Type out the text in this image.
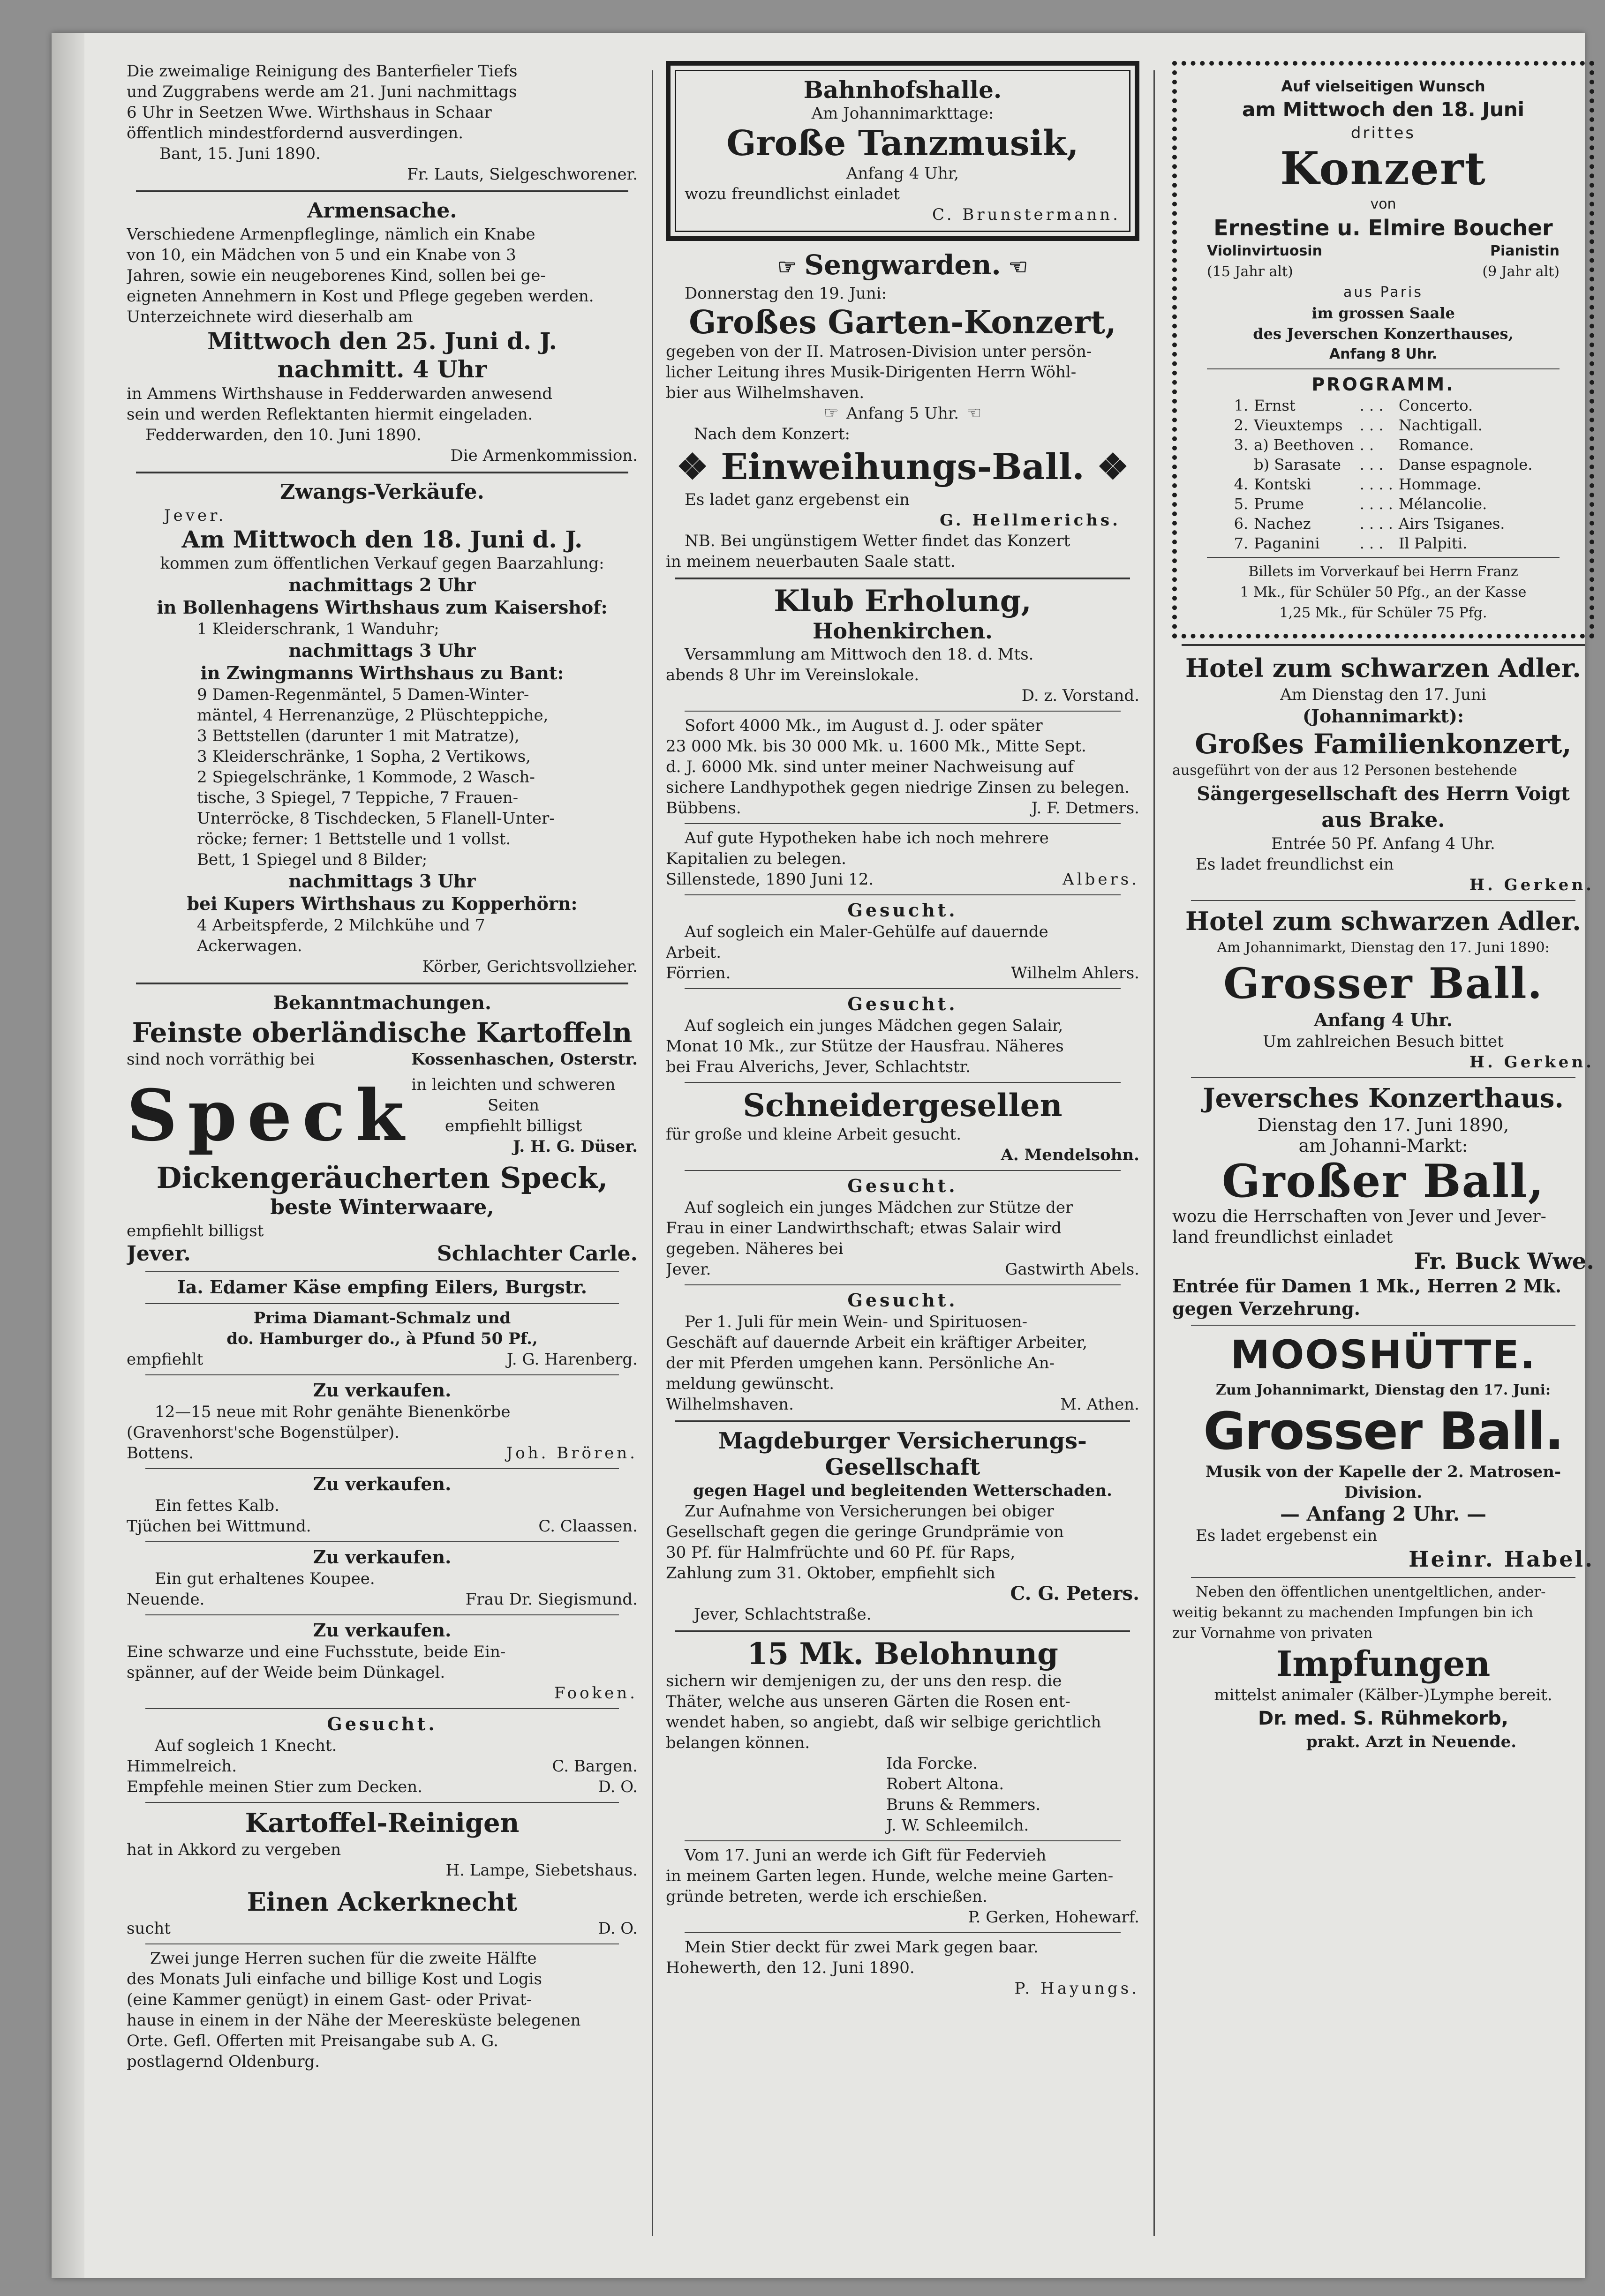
Die zweimalige Reinigung des Banterfieler Tiefs
und Zuggrabens werde am 21. Juni nachmittags
6 Uhr in Seetzen Wwe. Wirthshaus in Schaar
öffentlich mindestfordernd ausverdingen.
Bant, 15. Juni 1890.
Fr. Lauts, Sielgeschworener.
Armensache.
Verschiedene Armenpfleglinge, nämlich ein Knabe
von 10, ein Mädchen von 5 und ein Knabe von 3
Jahren, sowie ein neugeborenes Kind, sollen bei ge-
eigneten Annehmern in Kost und Pflege gegeben werden.
Unterzeichnete wird dieserhalb am
Mittwoch den 25. Juni d. J.
nachmitt. 4 Uhr
in Ammens Wirthshause in Fedderwarden anwesend
sein und werden Reflektanten hiermit eingeladen.
Fedderwarden, den 10. Juni 1890.
Die Armenkommission.
Zwangs-Verkäufe.
Jever.
Am Mittwoch den 18. Juni d. J.
kommen zum öffentlichen Verkauf gegen Baarzahlung:
nachmittags 2 Uhr
in Bollenhagens Wirthshaus zum Kaisershof:
1 Kleiderschrank, 1 Wanduhr;
nachmittags 3 Uhr
in Zwingmanns Wirthshaus zu Bant:
9 Damen-Regenmäntel, 5 Damen-Winter-
mäntel, 4 Herrenanzüge, 2 Plüschteppiche,
3 Bettstellen (darunter 1 mit Matratze),
3 Kleiderschränke, 1 Sopha, 2 Vertikows,
2 Spiegelschränke, 1 Kommode, 2 Wasch-
tische, 3 Spiegel, 7 Teppiche, 7 Frauen-
Unterröcke, 8 Tischdecken, 5 Flanell-Unter-
röcke; ferner: 1 Bettstelle und 1 vollst.
Bett, 1 Spiegel und 8 Bilder;
nachmittags 3 Uhr
bei Kupers Wirthshaus zu Kopperhörn:
4 Arbeitspferde, 2 Milchkühe und 7
Ackerwagen.
Körber, Gerichtsvollzieher.
Bekanntmachungen.
Feinste oberländische Kartoffeln
sind noch vorräthig bei	Kossenhaschen, Osterstr.
Speck
in leichten und schweren
Seiten
empfiehlt billigst
J. H. G. Düser.
Dickengeräucherten Speck,
beste Winterwaare,
empfiehlt billigst
Jever.	Schlachter Carle.
Ia. Edamer Käse empfing Eilers, Burgstr.
Prima Diamant-Schmalz und
do. Hamburger do., à Pfund 50 Pf.,
empfiehlt	J. G. Harenberg.
Zu verkaufen.
12—15 neue mit Rohr genähte Bienenkörbe
(Gravenhorst'sche Bogenstülper).
Bottens.	Joh. Brören.
Zu verkaufen.
Ein fettes Kalb.
Tjüchen bei Wittmund.	C. Claassen.
Zu verkaufen.
Ein gut erhaltenes Koupee.
Neuende.	Frau Dr. Siegismund.
Zu verkaufen.
Eine schwarze und eine Fuchsstute, beide Ein-
spänner, auf der Weide beim Dünkagel.
Fooken.
Gesucht.
Auf sogleich 1 Knecht.
Himmelreich.	C. Bargen.
Empfehle meinen Stier zum Decken.	D. O.
Kartoffel-Reinigen
hat in Akkord zu vergeben
H. Lampe, Siebetshaus.
Einen Ackerknecht
sucht	D. O.
Zwei junge Herren suchen für die zweite Hälfte
des Monats Juli einfache und billige Kost und Logis
(eine Kammer genügt) in einem Gast- oder Privat-
hause in einem in der Nähe der Meeresküste belegenen
Orte. Gefl. Offerten mit Preisangabe sub A. G.
postlagernd Oldenburg.
Bahnhofshalle.
Am Johannimarkttage:
Große Tanzmusik,
Anfang 4 Uhr,
wozu freundlichst einladet
C. Brunstermann.
☞ Sengwarden. ☜
Donnerstag den 19. Juni:
Großes Garten-Konzert,
gegeben von der II. Matrosen-Division unter persön-
licher Leitung ihres Musik-Dirigenten Herrn Wöhl-
bier aus Wilhelmshaven.
☞ Anfang 5 Uhr. ☜
Nach dem Konzert:
❖ Einweihungs-Ball. ❖
Es ladet ganz ergebenst ein
G. Hellmerichs.
NB. Bei ungünstigem Wetter findet das Konzert
in meinem neuerbauten Saale statt.
Klub Erholung,
Hohenkirchen.
Versammlung am Mittwoch den 18. d. Mts.
abends 8 Uhr im Vereinslokale.
D. z. Vorstand.
Sofort 4000 Mk., im August d. J. oder später
23 000 Mk. bis 30 000 Mk. u. 1600 Mk., Mitte Sept.
d. J. 6000 Mk. sind unter meiner Nachweisung auf
sichere Landhypothek gegen niedrige Zinsen zu belegen.
Bübbens.	J. F. Detmers.
Auf gute Hypotheken habe ich noch mehrere
Kapitalien zu belegen.
Sillenstede, 1890 Juni 12.	Albers.
Gesucht.
Auf sogleich ein Maler-Gehülfe auf dauernde
Arbeit.
Förrien.	Wilhelm Ahlers.
Gesucht.
Auf sogleich ein junges Mädchen gegen Salair,
Monat 10 Mk., zur Stütze der Hausfrau. Näheres
bei Frau Alverichs, Jever, Schlachtstr.
Schneidergesellen
für große und kleine Arbeit gesucht.
A. Mendelsohn.
Gesucht.
Auf sogleich ein junges Mädchen zur Stütze der
Frau in einer Landwirthschaft; etwas Salair wird
gegeben. Näheres bei
Jever.	Gastwirth Abels.
Gesucht.
Per 1. Juli für mein Wein- und Spirituosen-
Geschäft auf dauernde Arbeit ein kräftiger Arbeiter,
der mit Pferden umgehen kann. Persönliche An-
meldung gewünscht.
Wilhelmshaven.	M. Athen.
Magdeburger Versicherungs-
Gesellschaft
gegen Hagel und begleitenden Wetterschaden.
Zur Aufnahme von Versicherungen bei obiger
Gesellschaft gegen die geringe Grundprämie von
30 Pf. für Halmfrüchte und 60 Pf. für Raps,
Zahlung zum 31. Oktober, empfiehlt sich
C. G. Peters.
Jever, Schlachtstraße.
15 Mk. Belohnung
sichern wir demjenigen zu, der uns den resp. die
Thäter, welche aus unseren Gärten die Rosen ent-
wendet haben, so angiebt, daß wir selbige gerichtlich
belangen können.
Ida Forcke.
Robert Altona.
Bruns & Remmers.
J. W. Schleemilch.
Vom 17. Juni an werde ich Gift für Federvieh
in meinem Garten legen. Hunde, welche meine Garten-
gründe betreten, werde ich erschießen.
P. Gerken, Hohewarf.
Mein Stier deckt für zwei Mark gegen baar.
Hohewerth, den 12. Juni 1890.
P. Hayungs.
Auf vielseitigen Wunsch
am Mittwoch den 18. Juni
drittes
Konzert
von
Ernestine u. Elmire Boucher
Violinvirtuosin	Pianistin
(15 Jahr alt)	(9 Jahr alt)
aus Paris
im grossen Saale
des Jeverschen Konzerthauses,
Anfang 8 Uhr.
PROGRAMM.
1.	Ernst	. . .	Concerto.
2.	Vieuxtemps	. . .	Nachtigall.
3.	a) Beethoven	. .	Romance.
	b) Sarasate	. . .	Danse espagnole.
4.	Kontski	. . . .	Hommage.
5.	Prume	. . . .	Mélancolie.
6.	Nachez	. . . .	Airs Tsiganes.
7.	Paganini	. . .	Il Palpiti.
Billets im Vorverkauf bei Herrn Franz
1 Mk., für Schüler 50 Pfg., an der Kasse
1,25 Mk., für Schüler 75 Pfg.
Hotel zum schwarzen Adler.
Am Dienstag den 17. Juni
(Johannimarkt):
Großes Familienkonzert,
ausgeführt von der aus 12 Personen bestehende
Sängergesellschaft des Herrn Voigt
aus Brake.
Entrée 50 Pf. Anfang 4 Uhr.
Es ladet freundlichst ein
H. Gerken.
Hotel zum schwarzen Adler.
Am Johannimarkt, Dienstag den 17. Juni 1890:
Grosser Ball.
Anfang 4 Uhr.
Um zahlreichen Besuch bittet
H. Gerken.
Jeversches Konzerthaus.
Dienstag den 17. Juni 1890,
am Johanni-Markt:
Großer Ball,
wozu die Herrschaften von Jever und Jever-
land freundlichst einladet
Fr. Buck Wwe.
Entrée für Damen 1 Mk., Herren 2 Mk.
gegen Verzehrung.
MOOSHÜTTE.
Zum Johannimarkt, Dienstag den 17. Juni:
Grosser Ball.
Musik von der Kapelle der 2. Matrosen-
Division.
— Anfang 2 Uhr. —
Es ladet ergebenst ein
Heinr. Habel.
Neben den öffentlichen unentgeltlichen, ander-
weitig bekannt zu machenden Impfungen bin ich
zur Vornahme von privaten
Impfungen
mittelst animaler (Kälber-)Lymphe bereit.
Dr. med. S. Rühmekorb,
prakt. Arzt in Neuende.
